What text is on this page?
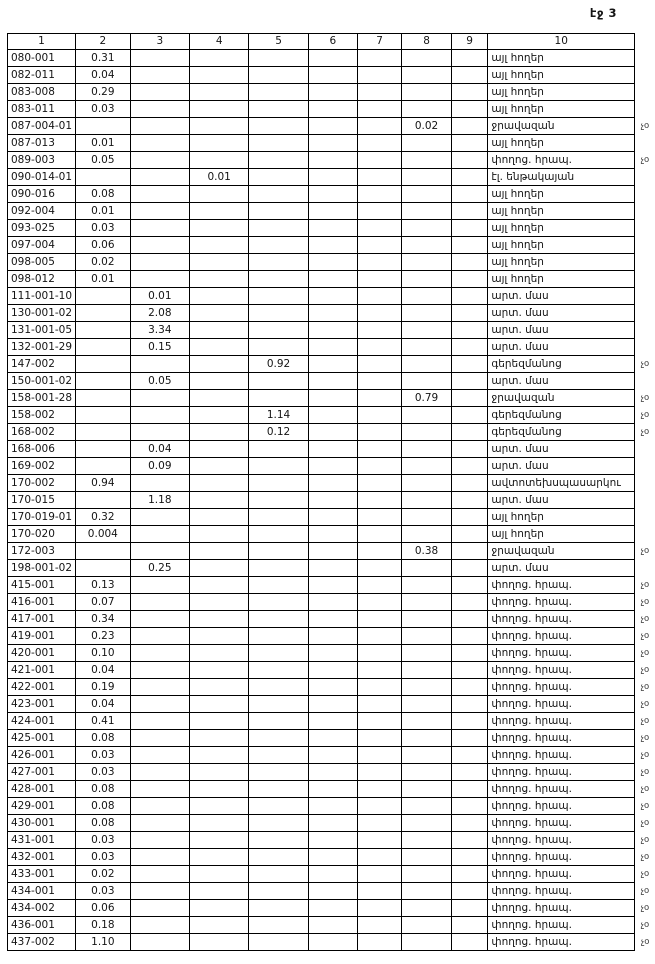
էջ 3
1	2	3	4	5	6	7	8	9	10	
080-001	0.31								այլ հողեր	
082-011	0.04								այլ հողեր	
083-008	0.29								այլ հողեր	
083-011	0.03								այլ հողեր	
087-004-01							0.02		ջրավազան	չօ
087-013	0.01								այլ հողեր	
089-003	0.05								փողոց. հրապ.	չօ
090-014-01			0.01						էլ. ենթակայան	
090-016	0.08								այլ հողեր	
092-004	0.01								այլ հողեր	
093-025	0.03								այլ հողեր	
097-004	0.06								այլ հողեր	
098-005	0.02								այլ հողեր	
098-012	0.01								այլ հողեր	
111-001-10		0.01							արտ. մաս	
130-001-02		2.08							արտ. մաս	
131-001-05		3.34							արտ. մաս	
132-001-29		0.15							արտ. մաս	
147-002				0.92					գերեզմանոց	չօ
150-001-02		0.05							արտ. մաս	
158-001-28							0.79		ջրավազան	չօ
158-002				1.14					գերեզմանոց	չօ
168-002				0.12					գերեզմանոց	չօ
168-006		0.04							արտ. մաս	
169-002		0.09							արտ. մաս	
170-002	0.94								ավտոտեխսպասարկու	
170-015		1.18							արտ. մաս	
170-019-01	0.32								այլ հողեր	
170-020	0.004								այլ հողեր	
172-003							0.38		ջրավազան	չօ
198-001-02		0.25							արտ. մաս	
415-001	0.13								փողոց. հրապ.	չօ
416-001	0.07								փողոց. հրապ.	չօ
417-001	0.34								փողոց. հրապ.	չօ
419-001	0.23								փողոց. հրապ.	չօ
420-001	0.10								փողոց. հրապ.	չօ
421-001	0.04								փողոց. հրապ.	չօ
422-001	0.19								փողոց. հրապ.	չօ
423-001	0.04								փողոց. հրապ.	չօ
424-001	0.41								փողոց. հրապ.	չօ
425-001	0.08								փողոց. հրապ.	չօ
426-001	0.03								փողոց. հրապ.	չօ
427-001	0.03								փողոց. հրապ.	չօ
428-001	0.08								փողոց. հրապ.	չօ
429-001	0.08								փողոց. հրապ.	չօ
430-001	0.08								փողոց. հրապ.	չօ
431-001	0.03								փողոց. հրապ.	չօ
432-001	0.03								փողոց. հրապ.	չօ
433-001	0.02								փողոց. հրապ.	չօ
434-001	0.03								փողոց. հրապ.	չօ
434-002	0.06								փողոց. հրապ.	չօ
436-001	0.18								փողոց. հրապ.	չօ
437-002	1.10								փողոց. հրապ.	չօ
